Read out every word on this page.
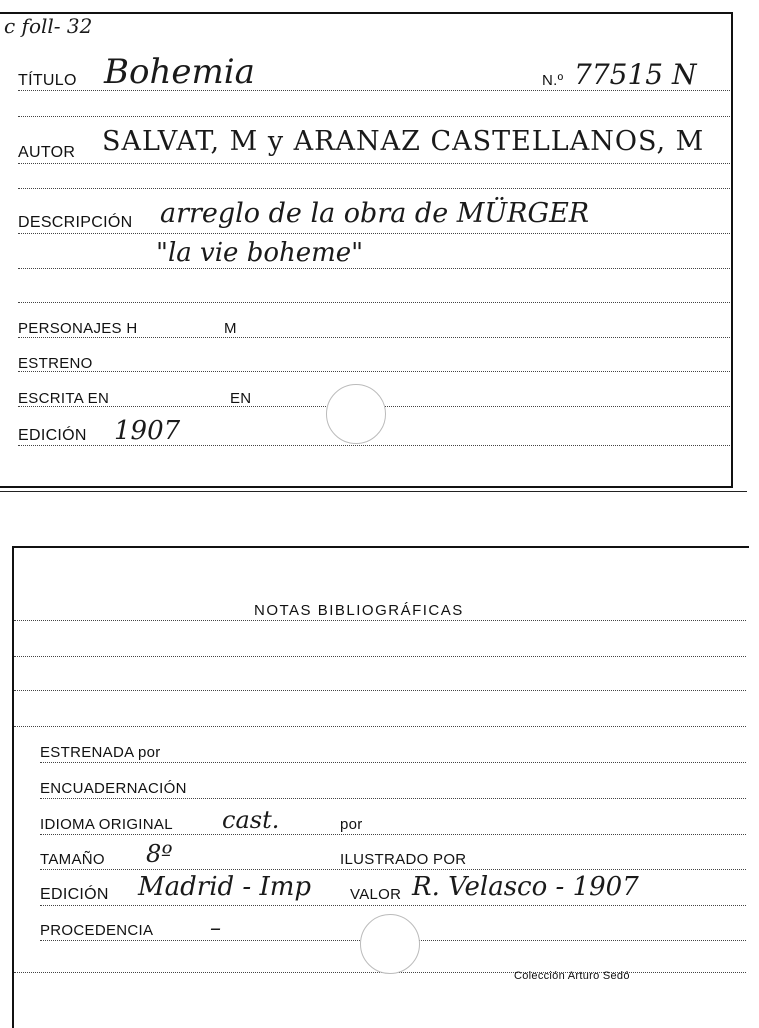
c foll- 32
TÍTULO Bohemia	N.º 77515 N
AUTOR SALVAT, M y ARANAZ CASTELLANOS, M
DESCRIPCIÓN arreglo de la obra de MÜRGER
"la vie boheme"
PERSONAJES H	M
ESTRENO
ESCRITA EN	EN
EDICIÓN 1907
NOTAS BIBLIOGRÁFICAS
ESTRENADA por
ENCUADERNACIÓN
IDIOMA ORIGINAL cast.	por
TAMAÑO 8º	ILUSTRADO POR
EDICIÓN Madrid - Imp	VALOR R. Velasco - 1907
PROCEDENCIA	–
Colección Arturo Sedó
